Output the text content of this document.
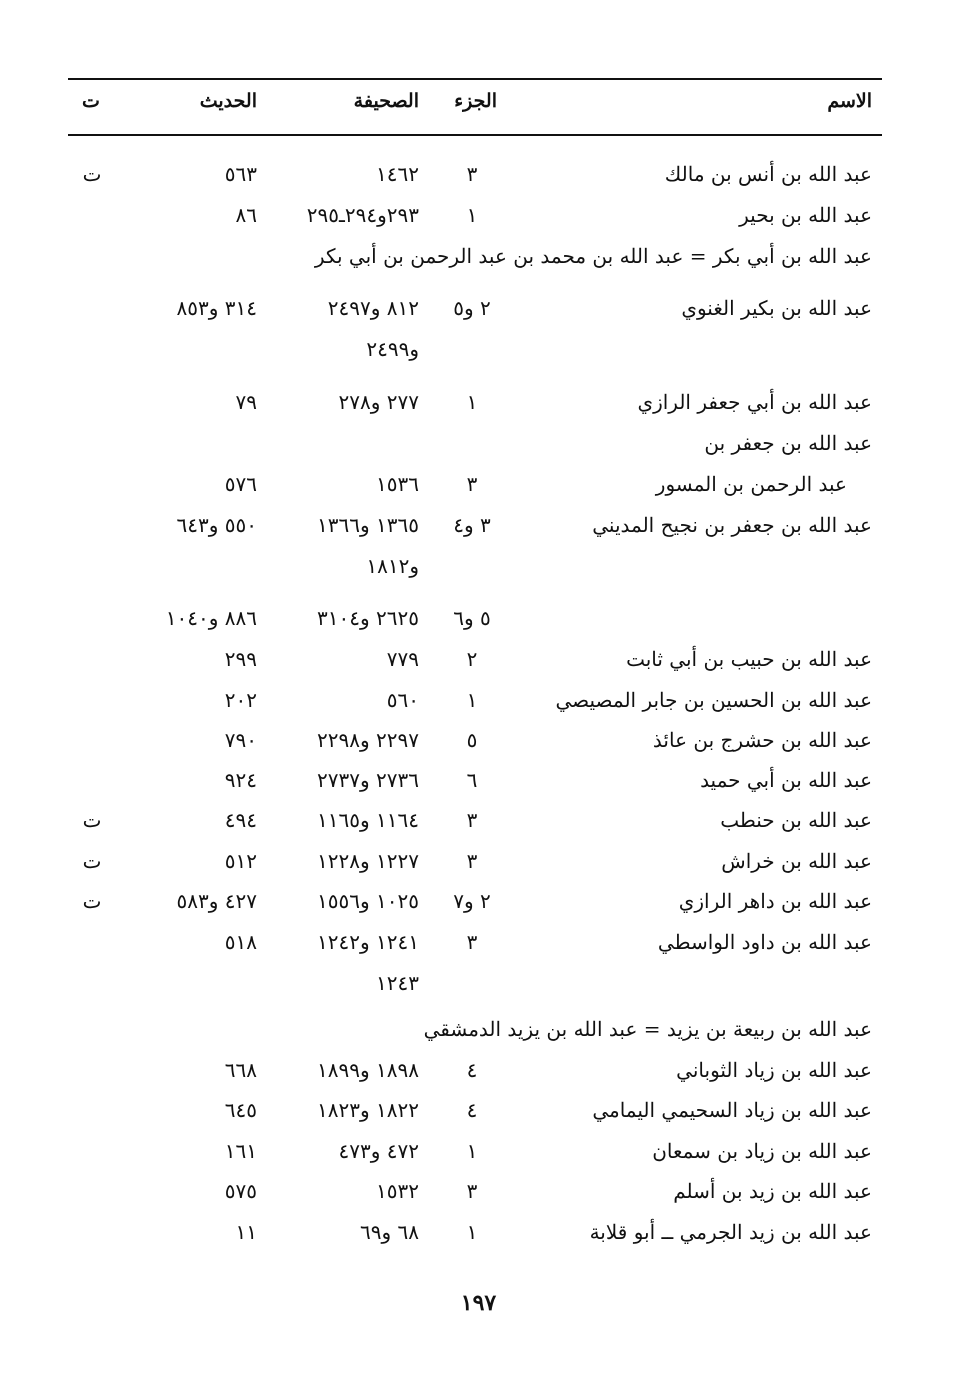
الاسم
الجزء
الصحيفة
الحديث
ت
عبد الله بن أنس بن مالك
٣
١٤٦٢
٥٦٣
ت
عبد الله بن بحير
١
٢٩٣و٢٩٤ـ٢٩٥
٨٦
عبد الله بن أبي بكر = عبد الله بن محمد بن عبد الرحمن بن أبي بكر
عبد الله بن بكير الغنوي
٢ و٥
٨١٢ و٢٤٩٧
٣١٤ و٨٥٣
و٢٤٩٩
عبد الله بن أبي جعفر الرازي
١
٢٧٧ و٢٧٨
٧٩
عبد الله بن جعفر بن
عبد الرحمن بن المسور
٣
١٥٣٦
٥٧٦
عبد الله بن جعفر بن نجيح المديني
٣ و٤
١٣٦٥ و١٣٦٦
٥٥٠ و٦٤٣
و١٨١٢
٥ و٦
٢٦٢٥ و٣١٠٤
٨٨٦ و١٠٤٠
عبد الله بن حبيب بن أبي ثابت
٢
٧٧٩
٢٩٩
عبد الله بن الحسين بن جابر المصيصي
١
٥٦٠
٢٠٢
عبد الله بن حشرج بن عائذ
٥
٢٢٩٧ و٢٢٩٨
٧٩٠
عبد الله بن أبي حميد
٦
٢٧٣٦ و٢٧٣٧
٩٢٤
عبد الله بن حنطب
٣
١١٦٤ و١١٦٥
٤٩٤
ت
عبد الله بن خراش
٣
١٢٢٧ و١٢٢٨
٥١٢
ت
عبد الله بن داهر الرازي
٢ و٧
١٠٢٥ و١٥٥٦
٤٢٧ و٥٨٣
ت
عبد الله بن داود الواسطي
٣
١٢٤١ و١٢٤٢
٥١٨
١٢٤٣
عبد الله بن ربيعة بن يزيد = عبد الله بن يزيد الدمشقي
عبد الله بن زياد الثوباني
٤
١٨٩٨ و١٨٩٩
٦٦٨
عبد الله بن زياد السحيمي اليمامي
٤
١٨٢٢ و١٨٢٣
٦٤٥
عبد الله بن زياد بن سمعان
١
٤٧٢ و٤٧٣
١٦١
عبد الله بن زيد بن أسلم
٣
١٥٣٢
٥٧٥
عبد الله بن زيد الجرمي ــ أبو قلابة
١
٦٨ و٦٩
١١
١٩٧
